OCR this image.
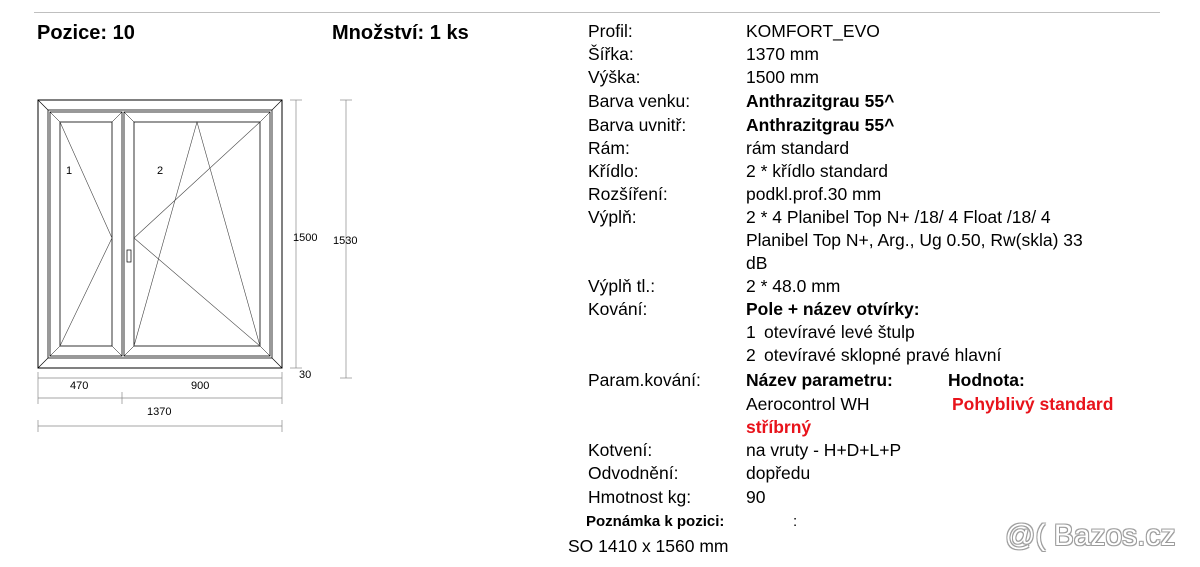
Pozice: 10	Množství: 1 ks
1	2
1500 1530
30
470	900
1370
Profil:	KOMFORT_EVO
Šířka:	1370 mm
Výška:	1500 mm
Barva venku:	Anthrazitgrau 55^
Barva uvnitř:	Anthrazitgrau 55^
Rám:	rám standard
Křídlo:	2 * křídlo standard
Rozšíření:	podkl.prof.30 mm
Výplň:	2 * 4 Planibel Top N+ /18/ 4 Float /18/ 4
Planibel Top N+, Arg., Ug 0.50, Rw(skla) 33
dB
Výplň tl.:	2 * 48.0 mm
Kování:	Pole + název otvírky:
1 otevíravé levé štulp
2 otevíravé sklopné pravé hlavní
Param.kování:	Název parametru:	Hodnota:
Aerocontrol WH	Pohyblivý standard
stříbrný
Kotvení:	na vruty - H+D+L+P
Odvodnění:	dopředu
Hmotnost kg:	90
Poznámka k pozici:	:
SO 1410 x 1560 mm	@( Bazos.cz
